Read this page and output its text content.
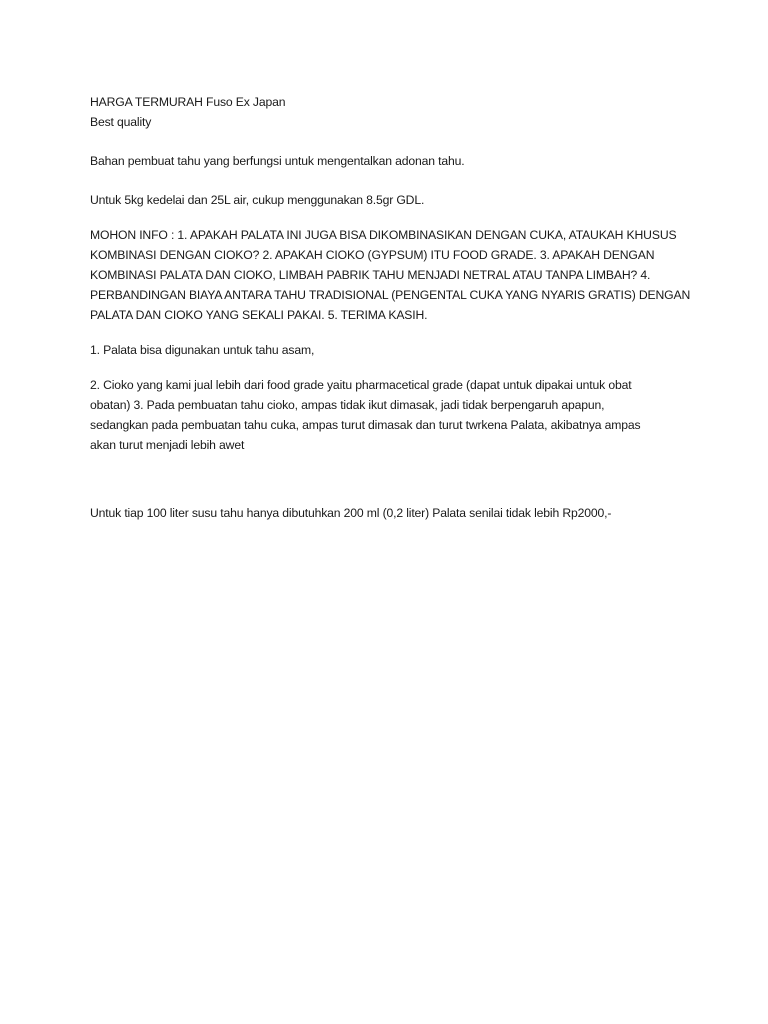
HARGA TERMURAH Fuso Ex Japan
Best quality
Bahan pembuat tahu yang berfungsi untuk mengentalkan adonan tahu.
Untuk 5kg kedelai dan 25L air, cukup menggunakan 8.5gr GDL.
MOHON INFO : 1. APAKAH PALATA INI JUGA BISA DIKOMBINASIKAN DENGAN CUKA, ATAUKAH KHUSUS
KOMBINASI DENGAN CIOKO? 2. APAKAH CIOKO (GYPSUM) ITU FOOD GRADE. 3. APAKAH DENGAN
KOMBINASI PALATA DAN CIOKO, LIMBAH PABRIK TAHU MENJADI NETRAL ATAU TANPA LIMBAH? 4.
PERBANDINGAN BIAYA ANTARA TAHU TRADISIONAL (PENGENTAL CUKA YANG NYARIS GRATIS) DENGAN
PALATA DAN CIOKO YANG SEKALI PAKAI. 5. TERIMA KASIH.
1. Palata bisa digunakan untuk tahu asam,
2. Cioko yang kami jual lebih dari food grade yaitu pharmacetical grade (dapat untuk dipakai untuk obat
obatan) 3. Pada pembuatan tahu cioko, ampas tidak ikut dimasak, jadi tidak berpengaruh apapun,
sedangkan pada pembuatan tahu cuka, ampas turut dimasak dan turut twrkena Palata, akibatnya ampas
akan turut menjadi lebih awet
Untuk tiap 100 liter susu tahu hanya dibutuhkan 200 ml (0,2 liter) Palata senilai tidak lebih Rp2000,-
